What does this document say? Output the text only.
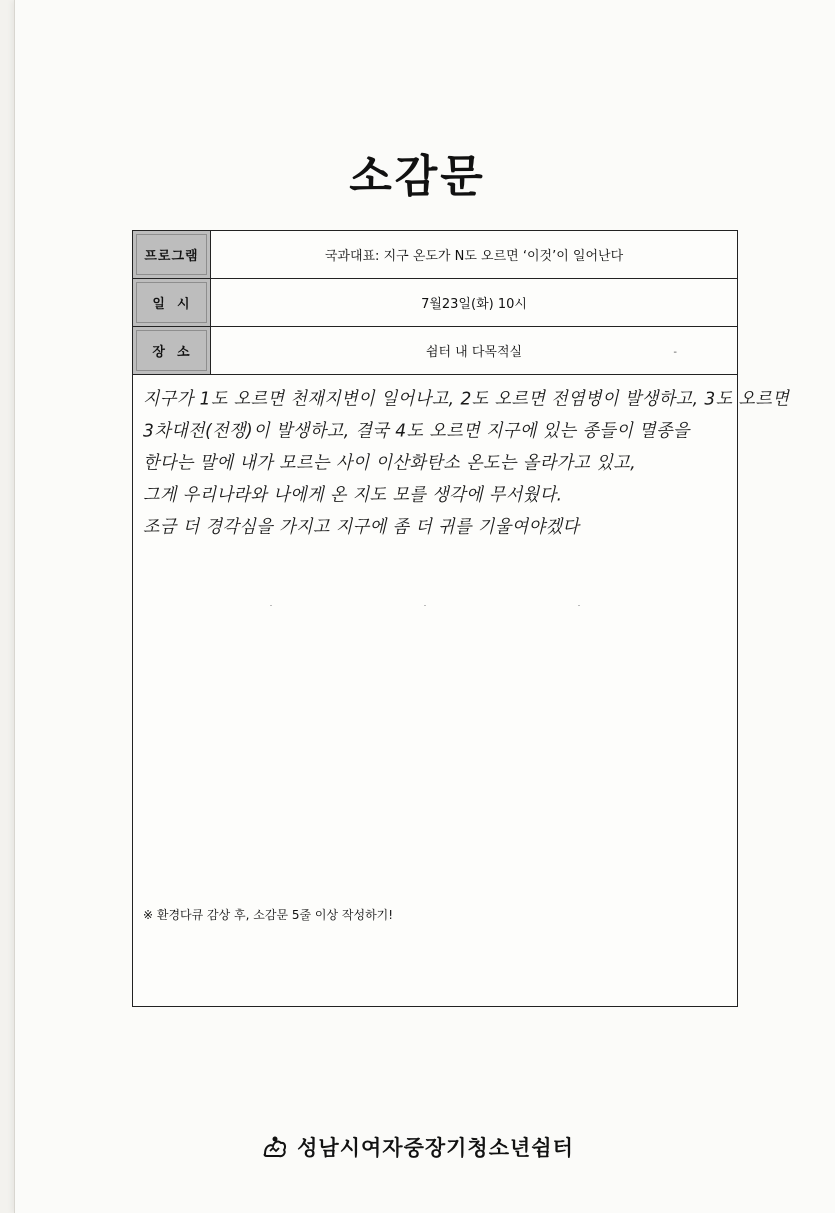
소감문
프로그램	국과대표: 지구 온도가 N도 오르면 ‘이것’이 일어난다
일  시	7월23일(화) 10시
장  소	쉼터 내 다목적실	-
지구가 1도 오르면 천재지변이 일어나고, 2도 오르면 전염병이 발생하고, 3도 오르면
3차대전(전쟁)이 발생하고, 결국 4도 오르면 지구에 있는 종들이 멸종을
한다는 말에 내가 모르는 사이 이산화탄소 온도는 올라가고 있고,
그게 우리나라와 나에게 온 지도 모를 생각에 무서웠다.
조금 더 경각심을 가지고 지구에 좀 더 귀를 기울여야겠다
※ 환경다큐 감상 후, 소감문 5줄 이상 작성하기!
성남시여자중장기청소년쉼터
